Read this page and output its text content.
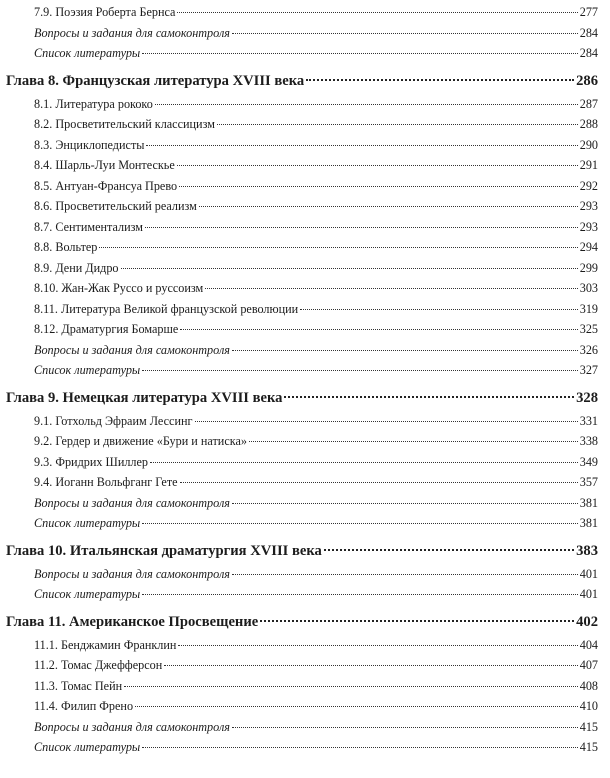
7.9. Поэзия Роберта Бернса	277
Вопросы и задания для самоконтроля	284
Список литературы	284
Глава 8. Французская литература XVIII века	286
8.1. Литература рококо	287
8.2. Просветительский классицизм	288
8.3. Энциклопедисты	290
8.4. Шарль-Луи Монтескье	291
8.5. Антуан-Франсуа Прево	292
8.6. Просветительский реализм	293
8.7. Сентиментализм	293
8.8. Вольтер	294
8.9. Дени Дидро	299
8.10. Жан-Жак Руссо и руссоизм	303
8.11. Литература Великой французской революции	319
8.12. Драматургия Бомарше	325
Вопросы и задания для самоконтроля	326
Список литературы	327
Глава 9. Немецкая литература XVIII века	328
9.1. Готхольд Эфраим Лессинг	331
9.2. Гердер и движение «Бури и натиска»	338
9.3. Фридрих Шиллер	349
9.4. Иоганн Вольфганг Гете	357
Вопросы и задания для самоконтроля	381
Список литературы	381
Глава 10. Итальянская драматургия XVIII века	383
Вопросы и задания для самоконтроля	401
Список литературы	401
Глава 11. Американское Просвещение	402
11.1. Бенджамин Франклин	404
11.2. Томас Джефферсон	407
11.3. Томас Пейн	408
11.4. Филип Френо	410
Вопросы и задания для самоконтроля	415
Список литературы	415
